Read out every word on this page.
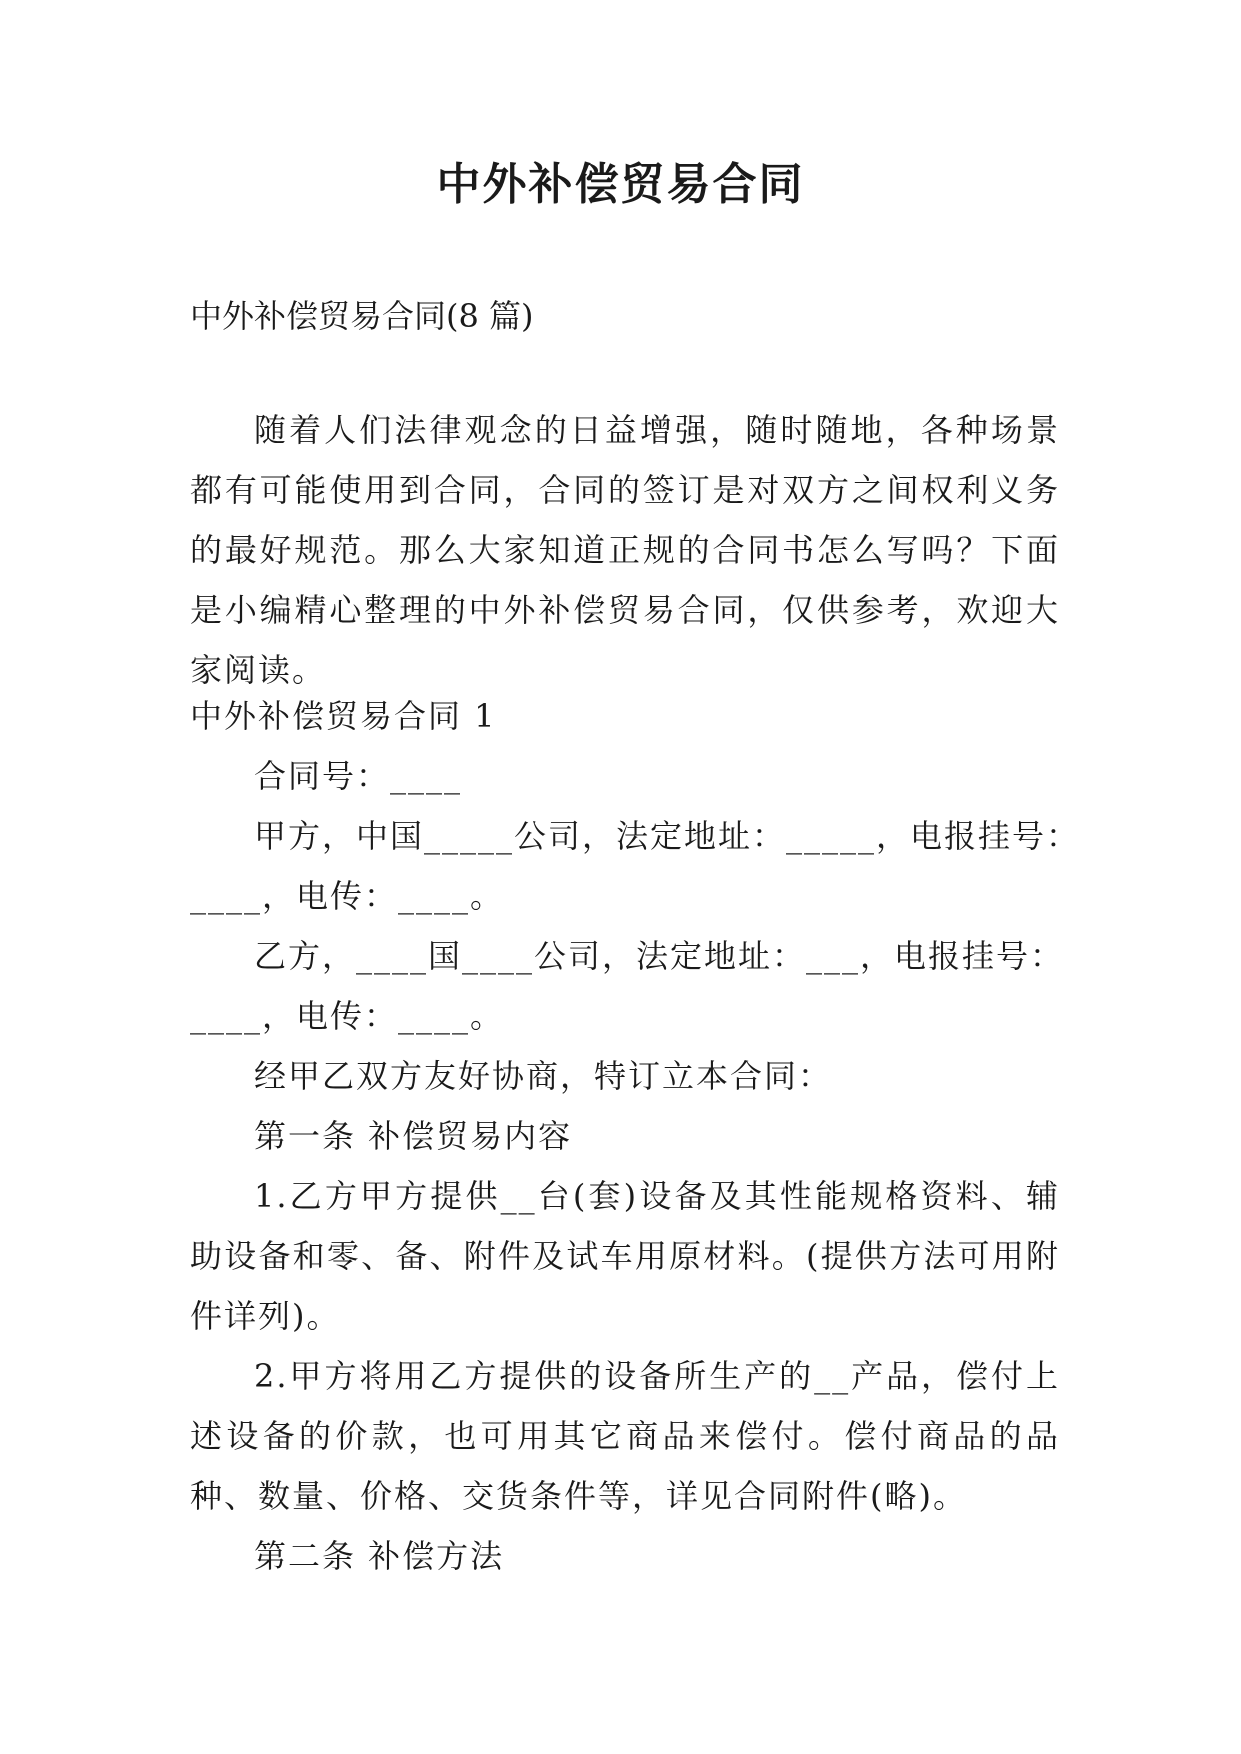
中外补偿贸易合同
中外补偿贸易合同(8 篇)

随着人们法律观念的日益增强，随时随地，各种场景都有可能使用到合同，合同的签订是对双方之间权利义务的最好规范。那么大家知道正规的合同书怎么写吗？下面是小编精心整理的中外补偿贸易合同，仅供参考，欢迎大家阅读。

中外补偿贸易合同 1

合同号：____

甲方，中国_____公司，法定地址：_____，电报挂号：

____，电传：____。

乙方，____国____公司，法定地址：___，电报挂号：

____，电传：____。

经甲乙双方友好协商，特订立本合同：

第一条 补偿贸易内容

1.乙方甲方提供__台(套)设备及其性能规格资料、辅助设备和零、备、附件及试车用原材料。(提供方法可用附件详列)。

2.甲方将用乙方提供的设备所生产的__产品，偿付上述设备的价款，也可用其它商品来偿付。偿付商品的品种、数量、价格、交货条件等，详见合同附件(略)。

第二条 补偿方法
